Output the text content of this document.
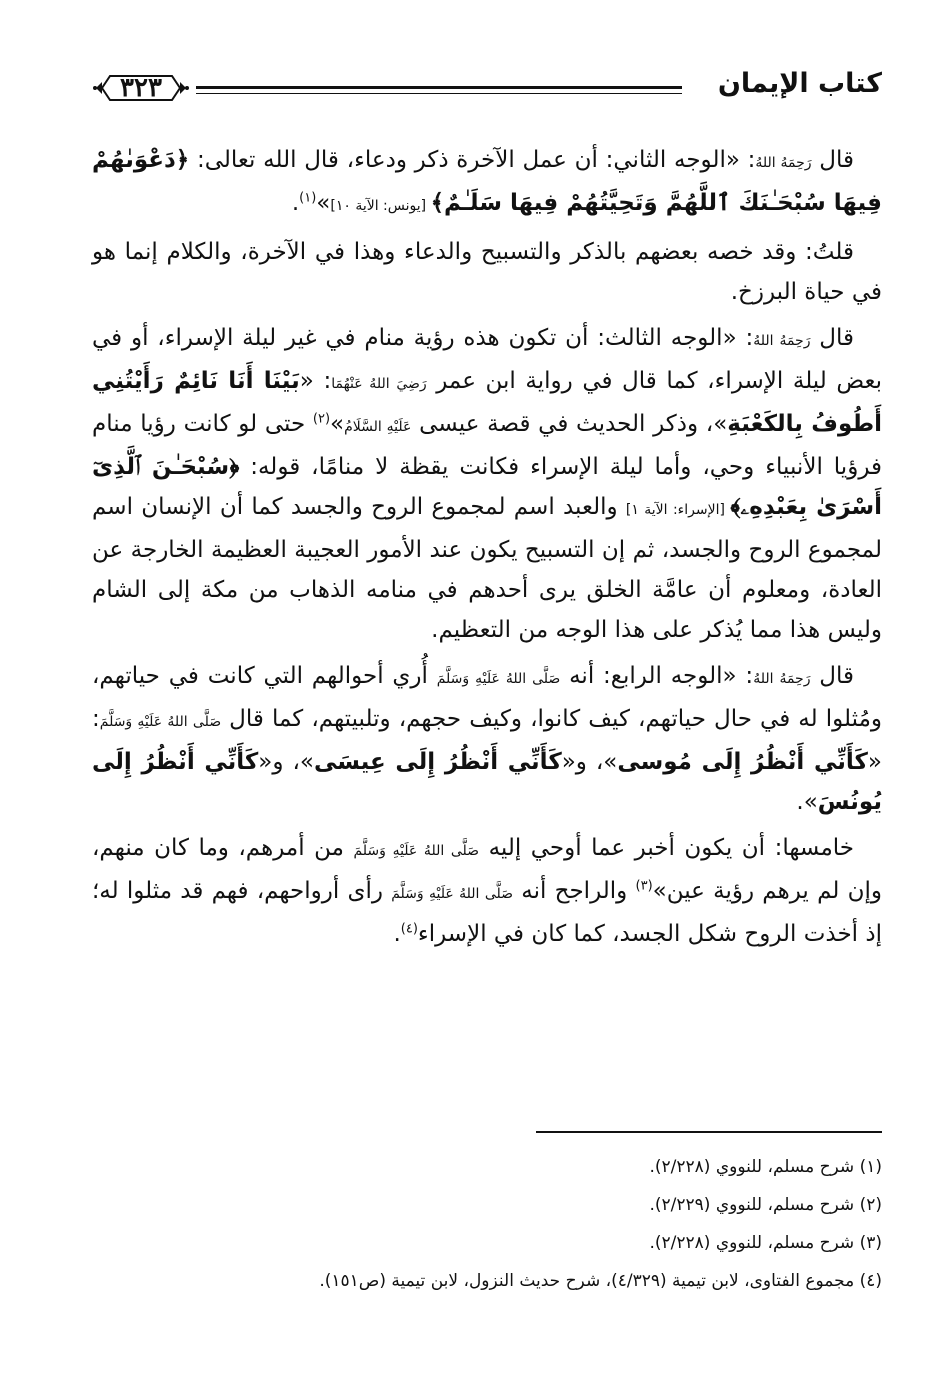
٣٢٣	كتاب الإيمان

قال رَحِمَهُ اللهُ: «الوجه الثاني: أن عمل الآخرة ذكر ودعاء، قال الله تعالى: ﴿دَعْوَىٰهُمْ فِيهَا سُبْحَـٰنَكَ ٱللَّهُمَّ وَتَحِيَّتُهُمْ فِيهَا سَلَـٰمٌ﴾ [يونس: الآية ١٠]»$^{(١)}$.

قلتُ: وقد خصه بعضهم بالذكر والتسبيح والدعاء وهذا في الآخرة، والكلام إنما هو في حياة البرزخ.

قال رَحِمَهُ اللهُ: «الوجه الثالث: أن تكون هذه رؤية منام في غير ليلة الإسراء، أو في بعض ليلة الإسراء، كما قال في رواية ابن عمر رَضِيَ اللهُ عَنْهُمَا: «بَيْنَا أَنَا نَائِمٌ رَأَيْتُنِي أَطُوفُ بِالكَعْبَةِ»، وذكر الحديث في قصة عيسى عَلَيْهِ السَّلَامُ»$^{(٢)}$ حتى لو كانت رؤيا منام فرؤيا الأنبياء وحي، وأما ليلة الإسراء فكانت يقظة لا منامًا، قوله: ﴿سُبْحَـٰنَ ٱلَّذِىٓ أَسْرَىٰ بِعَبْدِهِۦ﴾ [الإسراء: الآية ١] والعبد اسم لمجموع الروح والجسد كما أن الإنسان اسم لمجموع الروح والجسد، ثم إن التسبيح يكون عند الأمور العجيبة العظيمة الخارجة عن العادة، ومعلوم أن عامَّة الخلق يرى أحدهم في منامه الذهاب من مكة إلى الشام وليس هذا مما يُذكر على هذا الوجه من التعظيم.

قال رَحِمَهُ اللهُ: «الوجه الرابع: أنه صَلَّى اللهُ عَلَيْهِ وَسَلَّمَ أُري أحوالهم التي كانت في حياتهم، ومُثلوا له في حال حياتهم، كيف كانوا، وكيف حجهم، وتلبيتهم، كما قال صَلَّى اللهُ عَلَيْهِ وَسَلَّمَ: «كَأَنِّي أَنْظُرُ إِلَى مُوسى»، و«كَأَنِّي أَنْظُرُ إِلَى عِيسَى»، و«كَأَنِّي أَنْظُرُ إِلَى يُونُسَ».

خامسها: أن يكون أخبر عما أوحي إليه صَلَّى اللهُ عَلَيْهِ وَسَلَّمَ من أمرهم، وما كان منهم، وإن لم يرهم رؤية عين»$^{(٣)}$ والراجح أنه صَلَّى اللهُ عَلَيْهِ وَسَلَّمَ رأى أرواحهم، فهم قد مثلوا له؛ إذ أخذت الروح شكل الجسد، كما كان في الإسراء$^{(٤)}$.

(١) شرح مسلم، للنووي (٢/٢٢٨).

(٢) شرح مسلم، للنووي (٢/٢٢٩).

(٣) شرح مسلم، للنووي (٢/٢٢٨).

(٤) مجموع الفتاوى، لابن تيمية (٤/٣٢٩)، شرح حديث النزول، لابن تيمية (ص١٥١).
